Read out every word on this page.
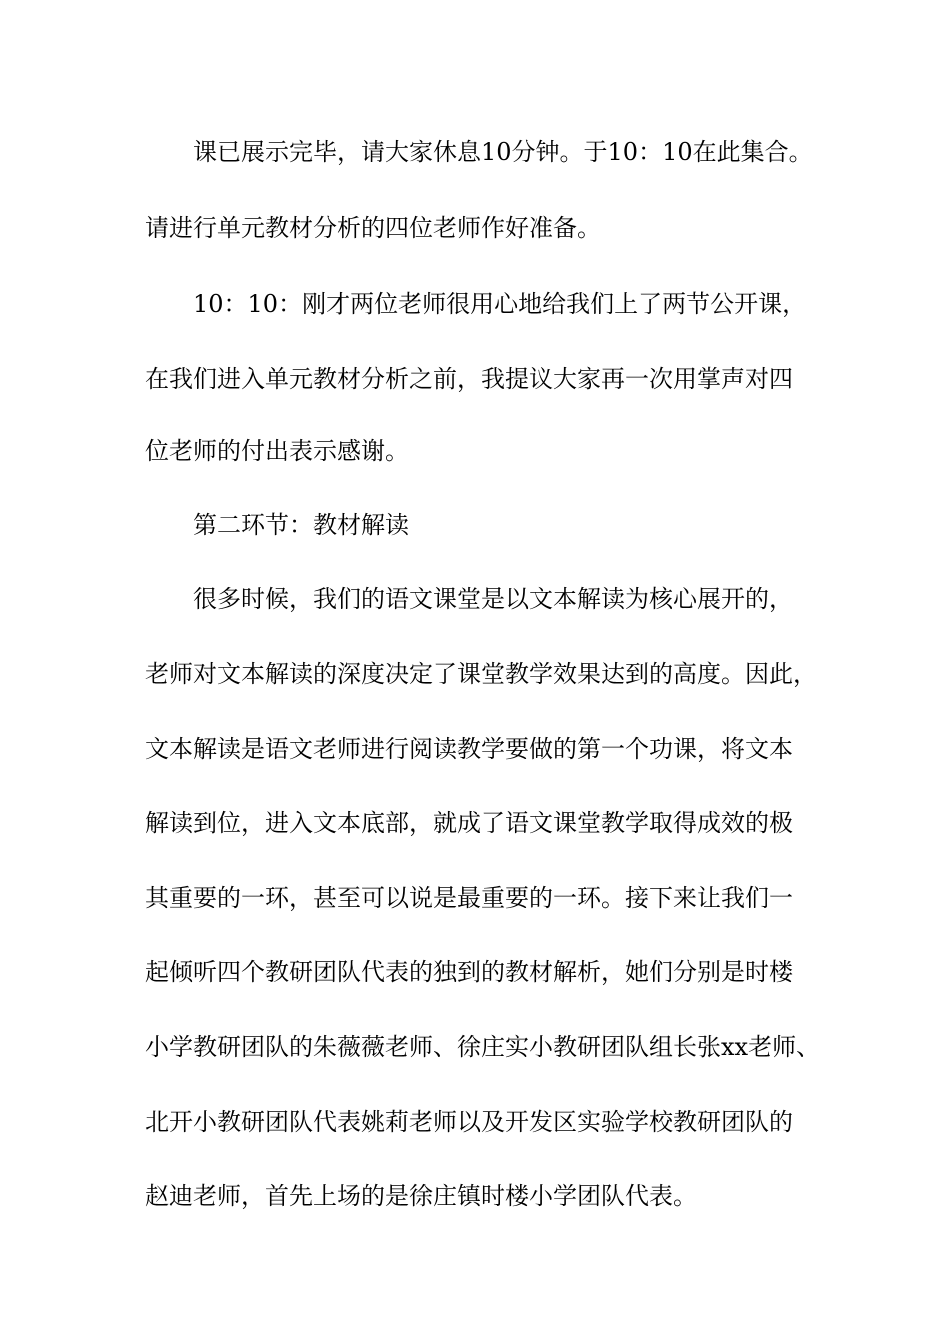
课已展示完毕，请大家休息10分钟。于10：10在此集合。
请进行单元教材分析的四位老师作好准备。
10：10：刚才两位老师很用心地给我们上了两节公开课，
在我们进入单元教材分析之前，我提议大家再一次用掌声对四
位老师的付出表示感谢。
第二环节：教材解读
很多时候，我们的语文课堂是以文本解读为核心展开的，
老师对文本解读的深度决定了课堂教学效果达到的高度。因此，
文本解读是语文老师进行阅读教学要做的第一个功课，将文本
解读到位，进入文本底部，就成了语文课堂教学取得成效的极
其重要的一环，甚至可以说是最重要的一环。接下来让我们一
起倾听四个教研团队代表的独到的教材解析，她们分别是时楼
小学教研团队的朱薇薇老师、徐庄实小教研团队组长张xx老师、
北开小教研团队代表姚莉老师以及开发区实验学校教研团队的
赵迪老师，首先上场的是徐庄镇时楼小学团队代表。
